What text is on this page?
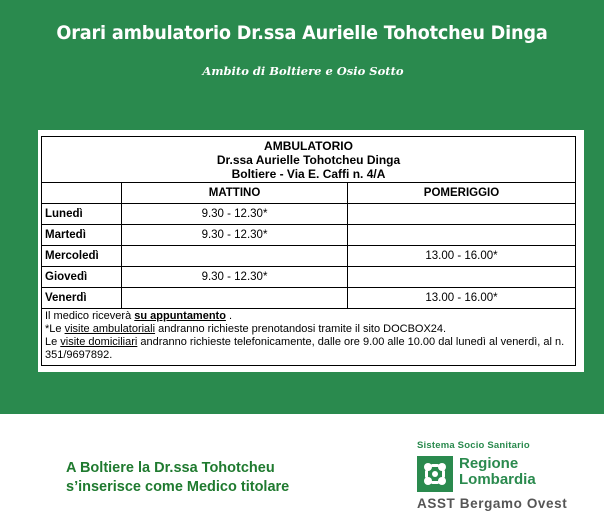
Orari ambulatorio Dr.ssa Aurielle Tohotcheu Dinga
Ambito di Boltiere e Osio Sotto
AMBULATORIO
Dr.ssa Aurielle Tohotcheu Dinga
Boltiere - Via E. Caffi n. 4/A		

	MATTINO	POMERIGGIO
Lunedì	9.30 - 12.30*	
Martedì	9.30 - 12.30*	
Mercoledì		13.00 - 16.00*
Giovedì	9.30 - 12.30*	
Venerdì		13.00 - 16.00*

Il medico riceverà su appuntamento .
*Le visite ambulatoriali andranno richieste prenotandosi tramite il sito DOCBOX24.
Le visite domiciliari andranno richieste telefonicamente, dalle ore 9.00 alle 10.00 dal lunedì al venerdì, al n. 351/9697892.		
A Boltiere la Dr.ssa Tohotcheu
s’inserisce come Medico titolare
Sistema Socio Sanitario
Regione
Lombardia
ASST Bergamo Ovest
